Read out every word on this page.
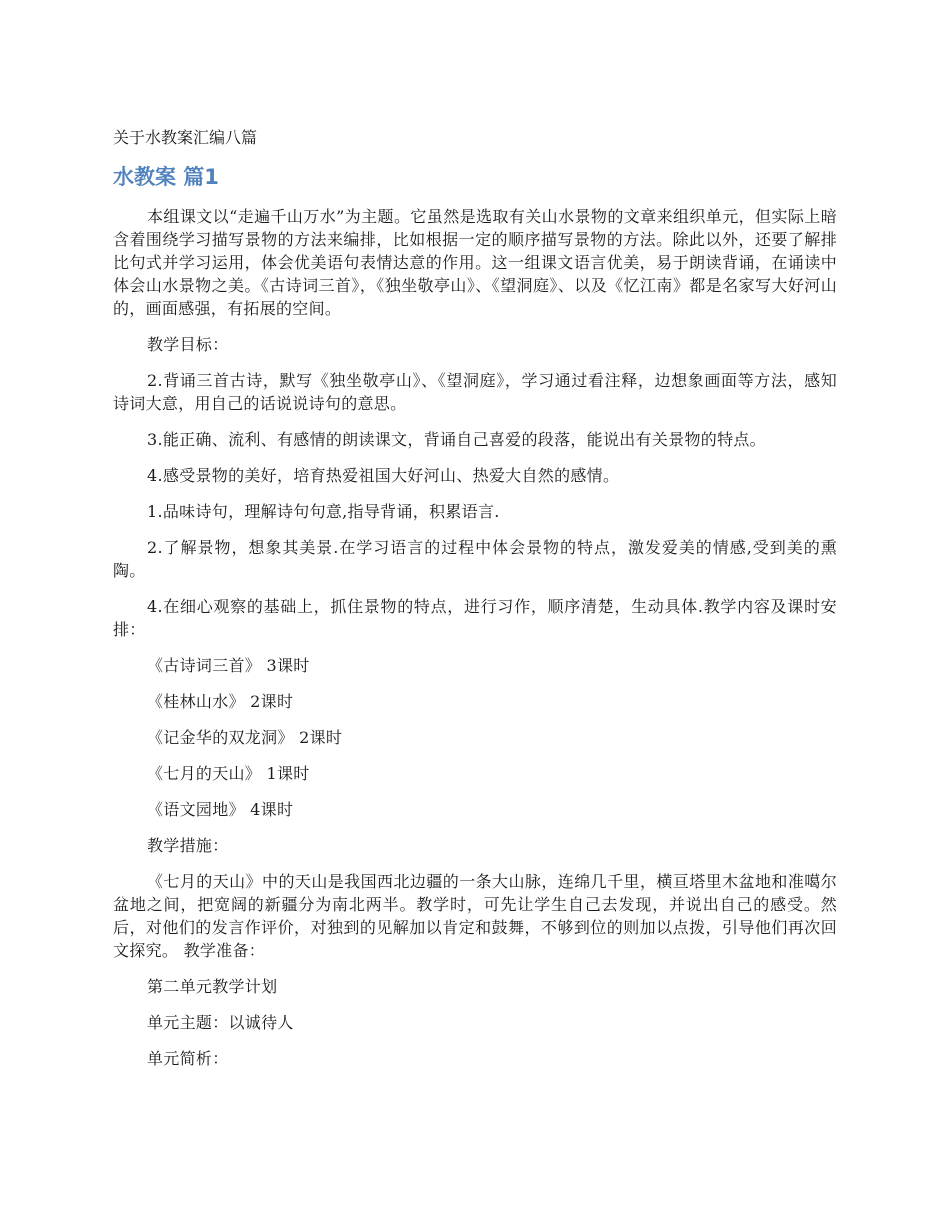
关于水教案汇编八篇
水教案 篇1

本组课文以“走遍千山万水”为主题。它虽然是选取有关山水景物的文章来组织单元，但实际上暗含着围绕学习描写景物的方法来编排，比如根据一定的顺序描写景物的方法。除此以外，还要了解排比句式并学习运用，体会优美语句表情达意的作用。这一组课文语言优美，易于朗读背诵，在诵读中体会山水景物之美。《古诗词三首》，《独坐敬亭山》、《望洞庭》、以及《忆江南》都是名家写大好河山的，画面感强，有拓展的空间。

教学目标：

2.背诵三首古诗，默写《独坐敬亭山》、《望洞庭》，学习通过看注释，边想象画面等方法，感知诗词大意，用自己的话说说诗句的意思。

3.能正确、流利、有感情的朗读课文，背诵自己喜爱的段落，能说出有关景物的特点。

4.感受景物的美好，培育热爱祖国大好河山、热爱大自然的感情。

1.品味诗句，理解诗句句意,指导背诵，积累语言.

2.了解景物，想象其美景.在学习语言的过程中体会景物的特点，激发爱美的情感,受到美的熏陶。

4.在细心观察的基础上，抓住景物的特点，进行习作，顺序清楚，生动具体.教学内容及课时安排：

《古诗词三首》 3课时

《桂林山水》 2课时

《记金华的双龙洞》 2课时

《七月的天山》 1课时

《语文园地》 4课时

教学措施：

《七月的天山》中的天山是我国西北边疆的一条大山脉，连绵几千里，横亘塔里木盆地和准噶尔盆地之间，把宽阔的新疆分为南北两半。教学时，可先让学生自己去发现，并说出自己的感受。然后，对他们的发言作评价，对独到的见解加以肯定和鼓舞，不够到位的则加以点拨，引导他们再次回文探究。 教学准备：

第二单元教学计划

单元主题：以诚待人

单元简析：
